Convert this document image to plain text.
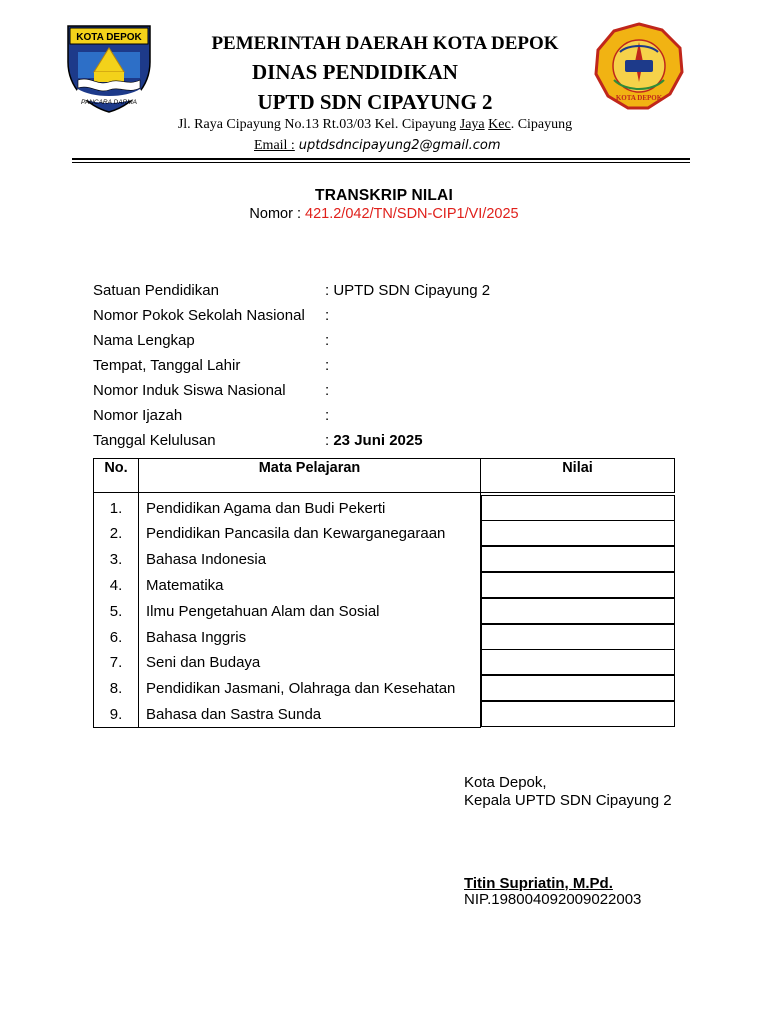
KOTA DEPOK
PANCARA DARMA
PEMERINTAH DAERAH KOTA DEPOK
DINAS PENDIDIKAN
UPTD SDN CIPAYUNG 2	KOTA DEPOK
Jl. Raya Cipayung No.13 Rt.03/03 Kel. Cipayung Jaya Kec. Cipayung
Email : uptdsdncipayung2@gmail.com
TRANSKRIP NILAI
Nomor : 421.2/042/TN/SDN-CIP1/VI/2025
Satuan Pendidikan	: UPTD SDN Cipayung 2
Nomor Pokok Sekolah Nasional :
Nama Lengkap	:
Tempat, Tanggal Lahir	:
Nomor Induk Siswa Nasional	:
Nomor Ijazah	:
Tanggal Kelulusan	: 23 Juni 2025
No.	Mata Pelajaran	Nilai
1.	Pendidikan Agama dan Budi Pekerti	

2.	Pendidikan Pancasila dan Kewarganegaraan	

3.	Bahasa Indonesia	

4.	Matematika	

5.	Ilmu Pengetahuan Alam dan Sosial	

6.	Bahasa Inggris	

7.	Seni dan Budaya	

8.	Pendidikan Jasmani, Olahraga dan Kesehatan	

9.	Bahasa dan Sastra Sunda	
Kota Depok,
Kepala UPTD SDN Cipayung 2
Titin Supriatin, M.Pd.
NIP.198004092009022003
